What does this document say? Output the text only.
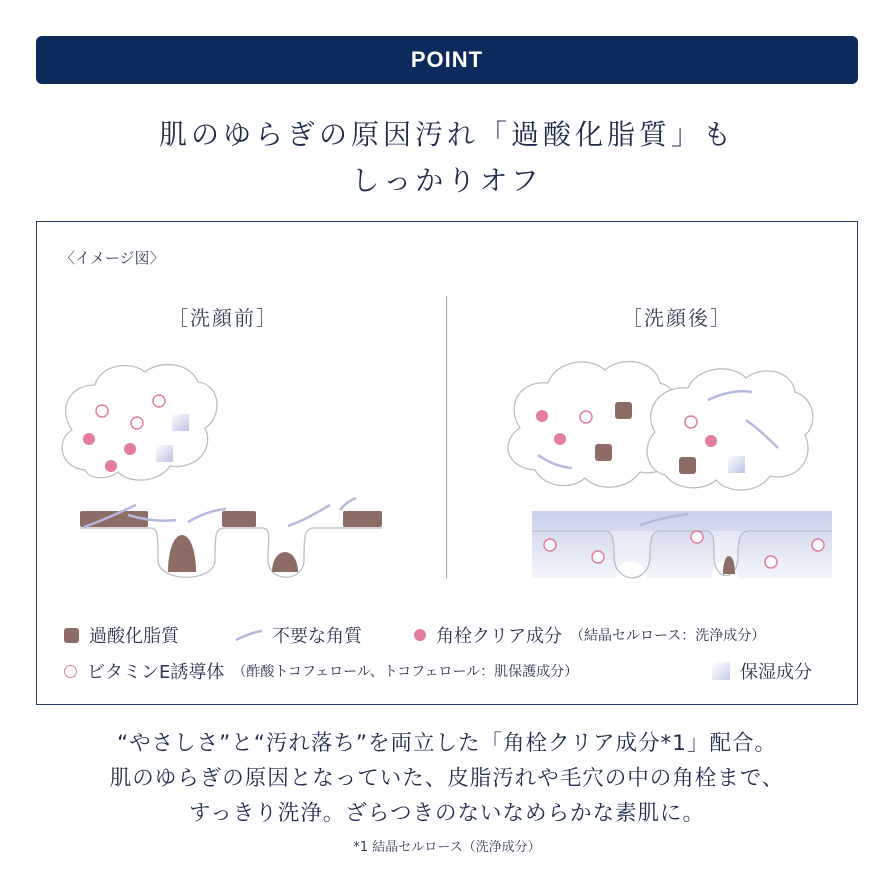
POINT
肌のゆらぎの原因汚れ「過酸化脂質」も
しっかりオフ
〈イメージ図〉
［洗顔前］	［洗顔後］
過酸化脂質	不要な角質	角栓クリア成分 （結晶セルロース：洗浄成分）
ビタミンE誘導体 （酢酸トコフェロール、トコフェロール：肌保護成分）	保湿成分
“やさしさ”と“汚れ落ち”を両立した「角栓クリア成分*1」配合。
肌のゆらぎの原因となっていた、皮脂汚れや毛穴の中の角栓まで、
すっきり洗浄。ざらつきのないなめらかな素肌に。
*1 結晶セルロース（洗浄成分）
